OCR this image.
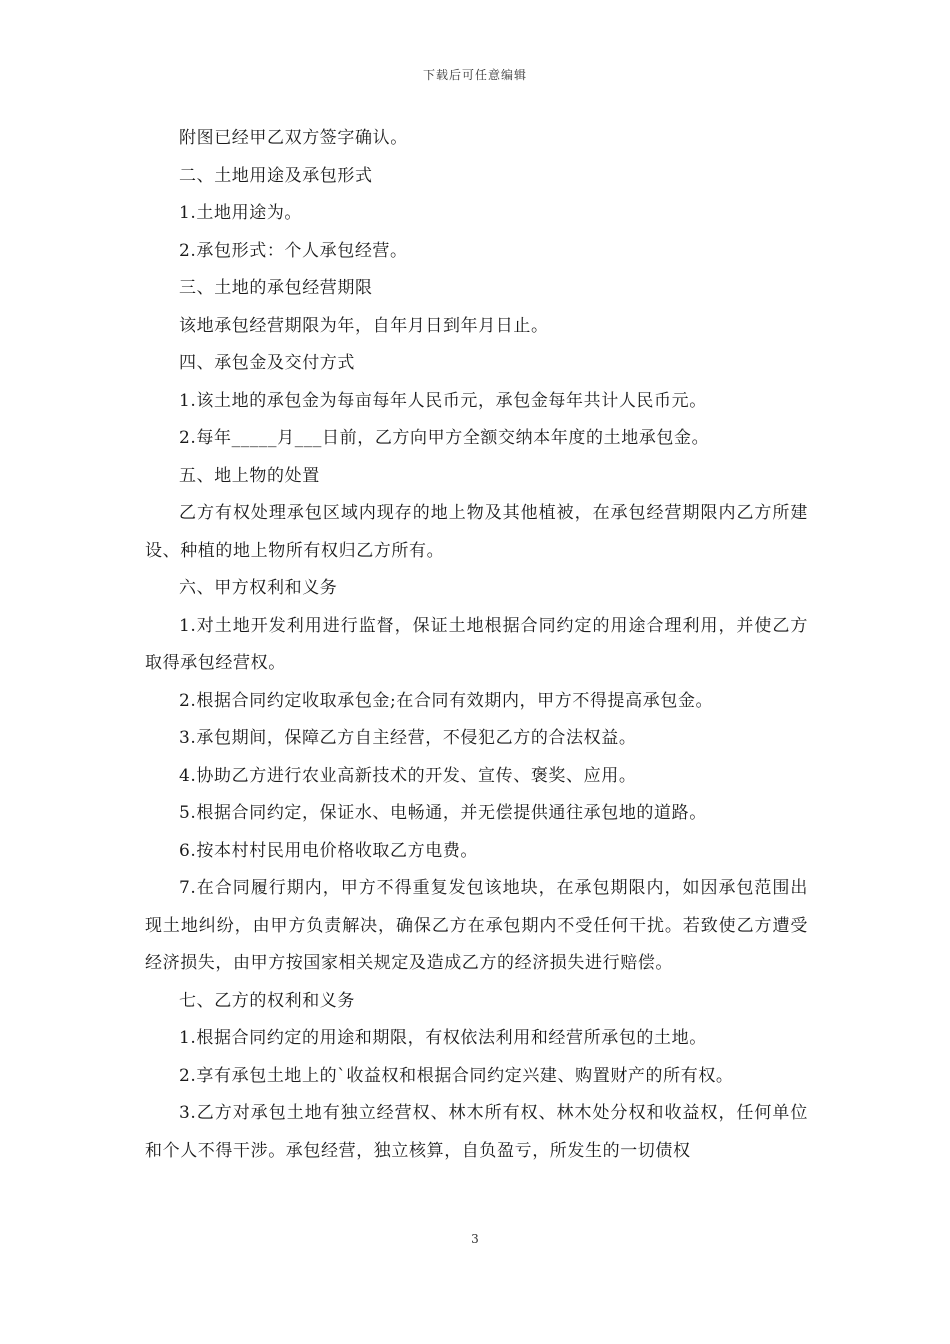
下载后可任意编辑

附图已经甲乙双方签字确认。

二、土地用途及承包形式

1.土地用途为。

2.承包形式：个人承包经营。

三、土地的承包经营期限

该地承包经营期限为年，自年月日到年月日止。

四、承包金及交付方式

1.该土地的承包金为每亩每年人民币元，承包金每年共计人民币元。

2.每年_____月___日前，乙方向甲方全额交纳本年度的土地承包金。

五、地上物的处置

乙方有权处理承包区域内现存的地上物及其他植被，在承包经营期限内乙方所建设、种植的地上物所有权归乙方所有。

六、甲方权利和义务

1.对土地开发利用进行监督，保证土地根据合同约定的用途合理利用，并使乙方取得承包经营权。

2.根据合同约定收取承包金;在合同有效期内，甲方不得提高承包金。

3.承包期间，保障乙方自主经营，不侵犯乙方的合法权益。

4.协助乙方进行农业高新技术的开发、宣传、褒奖、应用。

5.根据合同约定，保证水、电畅通，并无偿提供通往承包地的道路。

6.按本村村民用电价格收取乙方电费。

7.在合同履行期内，甲方不得重复发包该地块，在承包期限内，如因承包范围出现土地纠纷，由甲方负责解决，确保乙方在承包期内不受任何干扰。若致使乙方遭受经济损失，由甲方按国家相关规定及造成乙方的经济损失进行赔偿。

七、乙方的权利和义务

1.根据合同约定的用途和期限，有权依法利用和经营所承包的土地。

2.享有承包土地上的`收益权和根据合同约定兴建、购置财产的所有权。

3.乙方对承包土地有独立经营权、林木所有权、林木处分权和收益权，任何单位和个人不得干涉。承包经营，独立核算，自负盈亏，所发生的一切债权

3
